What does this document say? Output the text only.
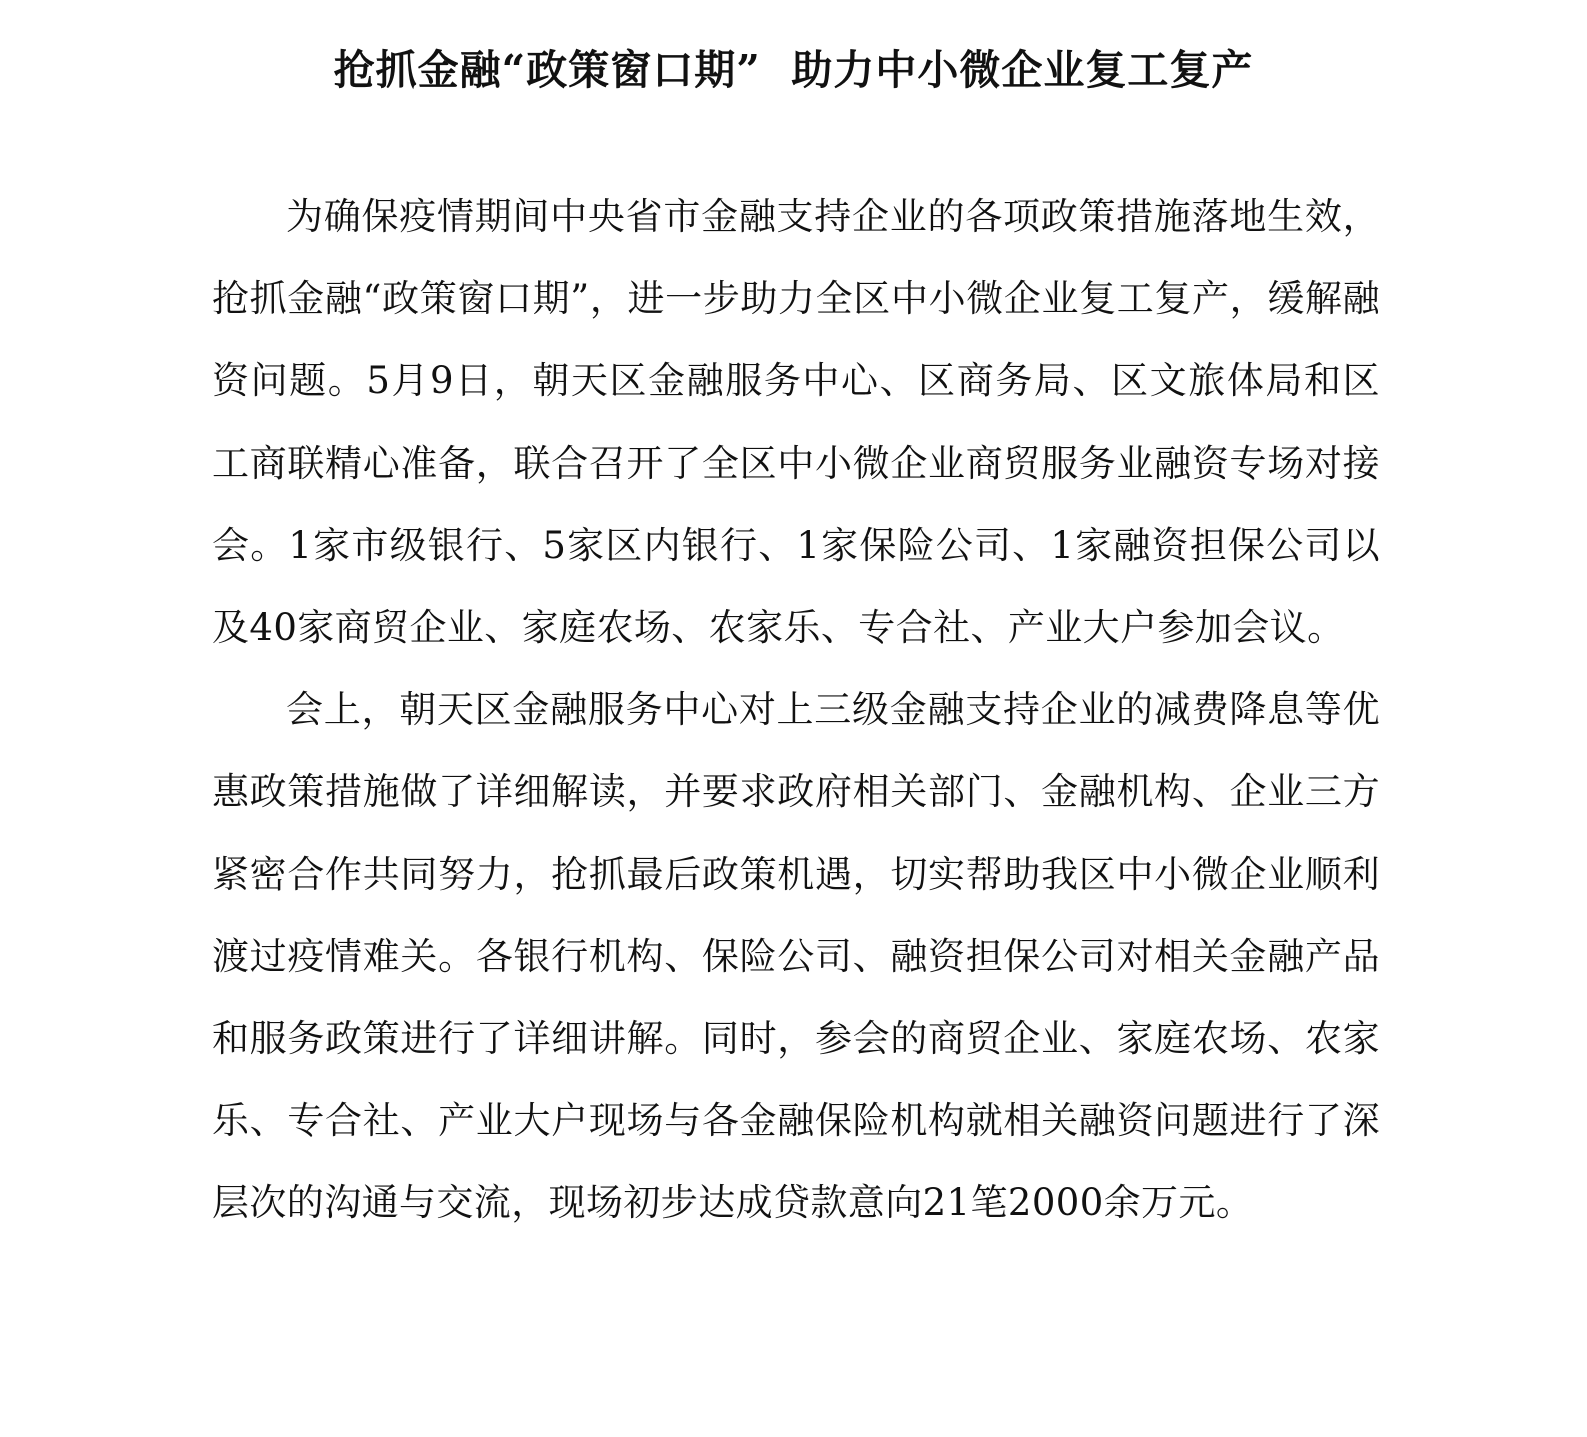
抢抓金融“政策窗口期”  助力中小微企业复工复产

为确保疫情期间中央省市金融支持企业的各项政策措施落地生效，抢抓金融“政策窗口期”，进一步助力全区中小微企业复工复产，缓解融资问题。5月9日，朝天区金融服务中心、区商务局、区文旅体局和区工商联精心准备，联合召开了全区中小微企业商贸服务业融资专场对接会。1家市级银行、5家区内银行、1家保险公司、1家融资担保公司以及40家商贸企业、家庭农场、农家乐、专合社、产业大户参加会议。

会上，朝天区金融服务中心对上三级金融支持企业的减费降息等优惠政策措施做了详细解读，并要求政府相关部门、金融机构、企业三方紧密合作共同努力，抢抓最后政策机遇，切实帮助我区中小微企业顺利渡过疫情难关。各银行机构、保险公司、融资担保公司对相关金融产品和服务政策进行了详细讲解。同时，参会的商贸企业、家庭农场、农家乐、专合社、产业大户现场与各金融保险机构就相关融资问题进行了深层次的沟通与交流，现场初步达成贷款意向21笔2000余万元。
